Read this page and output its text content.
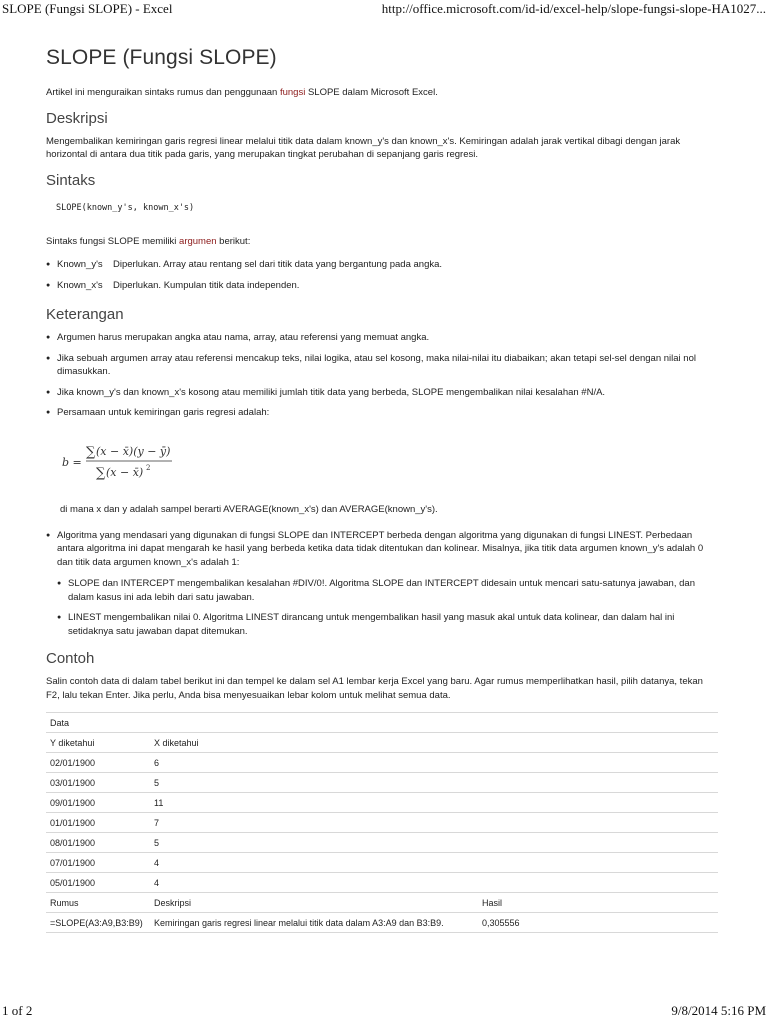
SLOPE (Fungsi SLOPE) - Excel	http://office.microsoft.com/id-id/excel-help/slope-fungsi-slope-HA1027...
SLOPE (Fungsi SLOPE)

Artikel ini menguraikan sintaks rumus dan penggunaan fungsi SLOPE dalam Microsoft Excel.

Deskripsi

Mengembalikan kemiringan garis regresi linear melalui titik data dalam known_y's dan known_x's. Kemiringan adalah jarak vertikal dibagi dengan jarak horizontal di antara dua titik pada garis, yang merupakan tingkat perubahan di sepanjang garis regresi.

Sintaks
SLOPE(known_y's, known_x's)

Sintaks fungsi SLOPE memiliki argumen berikut:

● Known_y's Diperlukan. Array atau rentang sel dari titik data yang bergantung pada angka.
● Known_x's Diperlukan. Kumpulan titik data independen.
Keterangan
● Argumen harus merupakan angka atau nama, array, atau referensi yang memuat angka.
● Jika sebuah argumen array atau referensi mencakup teks, nilai logika, atau sel kosong, maka nilai-nilai itu diabaikan; akan tetapi sel-sel dengan nilai nol dimasukkan.
● Jika known_y's dan known_x's kosong atau memiliki jumlah titik data yang berbeda, SLOPE mengembalikan nilai kesalahan #N/A.
● Persamaan untuk kemiringan garis regresi adalah:
b =
∑ (x − x̄)(y − ȳ)
∑ (x − x̄) 2
di mana x dan y adalah sampel berarti AVERAGE(known_x's) dan AVERAGE(known_y's).
● Algoritma yang mendasari yang digunakan di fungsi SLOPE dan INTERCEPT berbeda dengan algoritma yang digunakan di fungsi LINEST. Perbedaan antara algoritma ini dapat mengarah ke hasil yang berbeda ketika data tidak ditentukan dan kolinear. Misalnya, jika titik data argumen known_y's adalah 0 dan titik data argumen known_x's adalah 1:
● SLOPE dan INTERCEPT mengembalikan kesalahan #DIV/0!. Algoritma SLOPE dan INTERCEPT didesain untuk mencari satu-satunya jawaban, dan dalam kasus ini ada lebih dari satu jawaban.
● LINEST mengembalikan nilai 0. Algoritma LINEST dirancang untuk mengembalikan hasil yang masuk akal untuk data kolinear, dan dalam hal ini setidaknya satu jawaban dapat ditemukan.
Contoh

Salin contoh data di dalam tabel berikut ini dan tempel ke dalam sel A1 lembar kerja Excel yang baru. Agar rumus memperlihatkan hasil, pilih datanya, tekan F2, lalu tekan Enter. Jika perlu, Anda bisa menyesuaikan lebar kolom untuk melihat semua data.

Data		
Y diketahui	X diketahui	
02/01/1900	6	
03/01/1900	5	
09/01/1900	11	
01/01/1900	7	
08/01/1900	5	
07/01/1900	4	
05/01/1900	4	
Rumus	Deskripsi	Hasil
=SLOPE(A3:A9,B3:B9)	Kemiringan garis regresi linear melalui titik data dalam A3:A9 dan B3:B9.	0,305556
1 of 2	9/8/2014 5:16 PM
